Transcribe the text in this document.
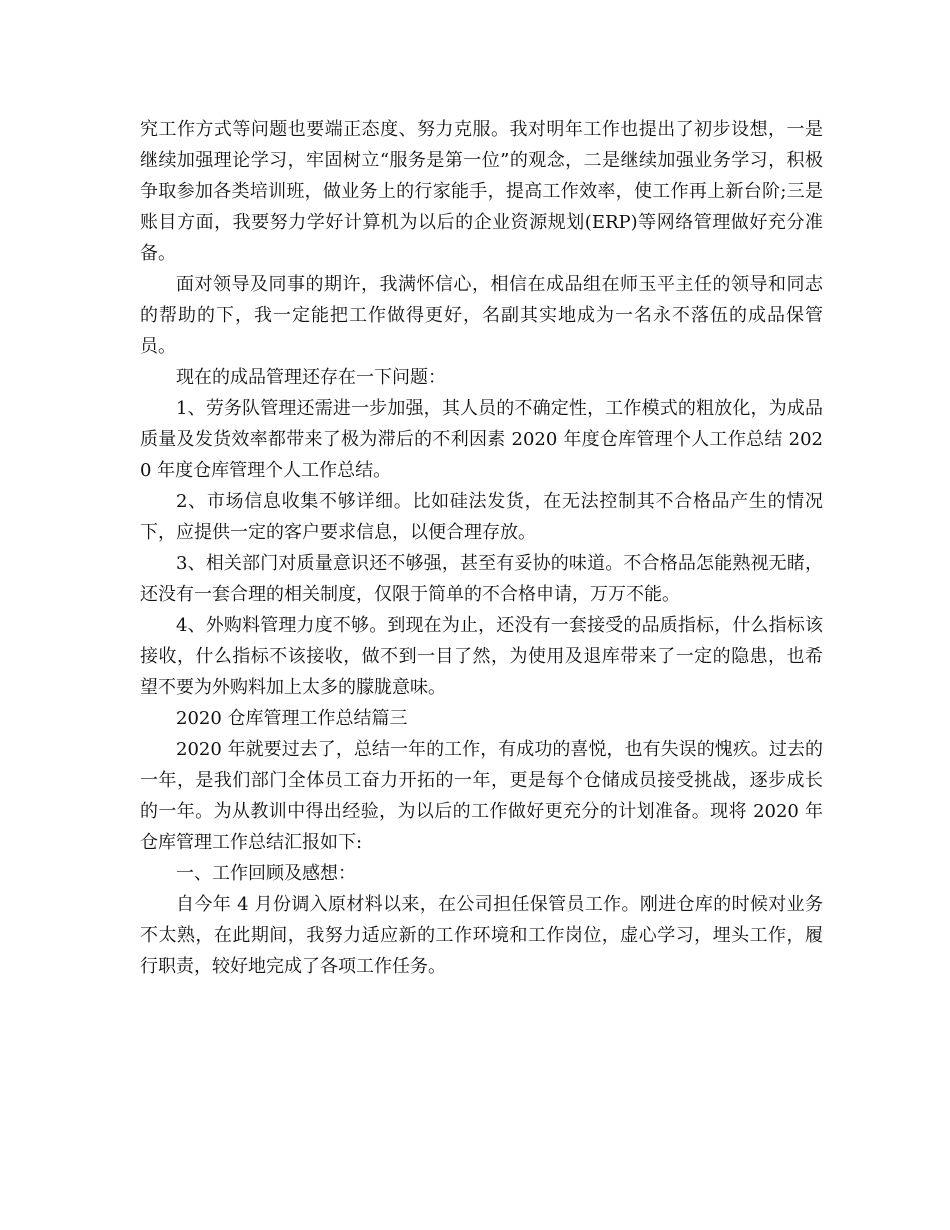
究工作方式等问题也要端正态度、努力克服。我对明年工作也提出了初步设想，一是继续加强理论学习，牢固树立“服务是第一位”的观念，二是继续加强业务学习，积极争取参加各类培训班，做业务上的行家能手，提高工作效率，使工作再上新台阶;三是账目方面，我要努力学好计算机为以后的企业资源规划(ERP)等网络管理做好充分准备。

面对领导及同事的期许，我满怀信心，相信在成品组在师玉平主任的领导和同志的帮助的下，我一定能把工作做得更好，名副其实地成为一名永不落伍的成品保管员。

现在的成品管理还存在一下问题：

1、劳务队管理还需进一步加强，其人员的不确定性，工作模式的粗放化，为成品质量及发货效率都带来了极为滞后的不利因素 2020 年度仓库管理个人工作总结 2020 年度仓库管理个人工作总结。

2、市场信息收集不够详细。比如硅法发货，在无法控制其不合格品产生的情况下，应提供一定的客户要求信息，以便合理存放。

3、相关部门对质量意识还不够强，甚至有妥协的味道。不合格品怎能熟视无睹，还没有一套合理的相关制度，仅限于简单的不合格申请，万万不能。

4、外购料管理力度不够。到现在为止，还没有一套接受的品质指标，什么指标该接收，什么指标不该接收，做不到一目了然，为使用及退库带来了一定的隐患，也希望不要为外购料加上太多的朦胧意味。

2020 仓库管理工作总结篇三

2020 年就要过去了，总结一年的工作，有成功的喜悦，也有失误的愧疚。过去的一年，是我们部门全体员工奋力开拓的一年，更是每个仓储成员接受挑战，逐步成长的一年。为从教训中得出经验，为以后的工作做好更充分的计划准备。现将 2020 年仓库管理工作总结汇报如下:

一、工作回顾及感想：

自今年 4 月份调入原材料以来，在公司担任保管员工作。刚进仓库的时候对业务不太熟，在此期间，我努力适应新的工作环境和工作岗位，虚心学习，埋头工作，履行职责，较好地完成了各项工作任务。
